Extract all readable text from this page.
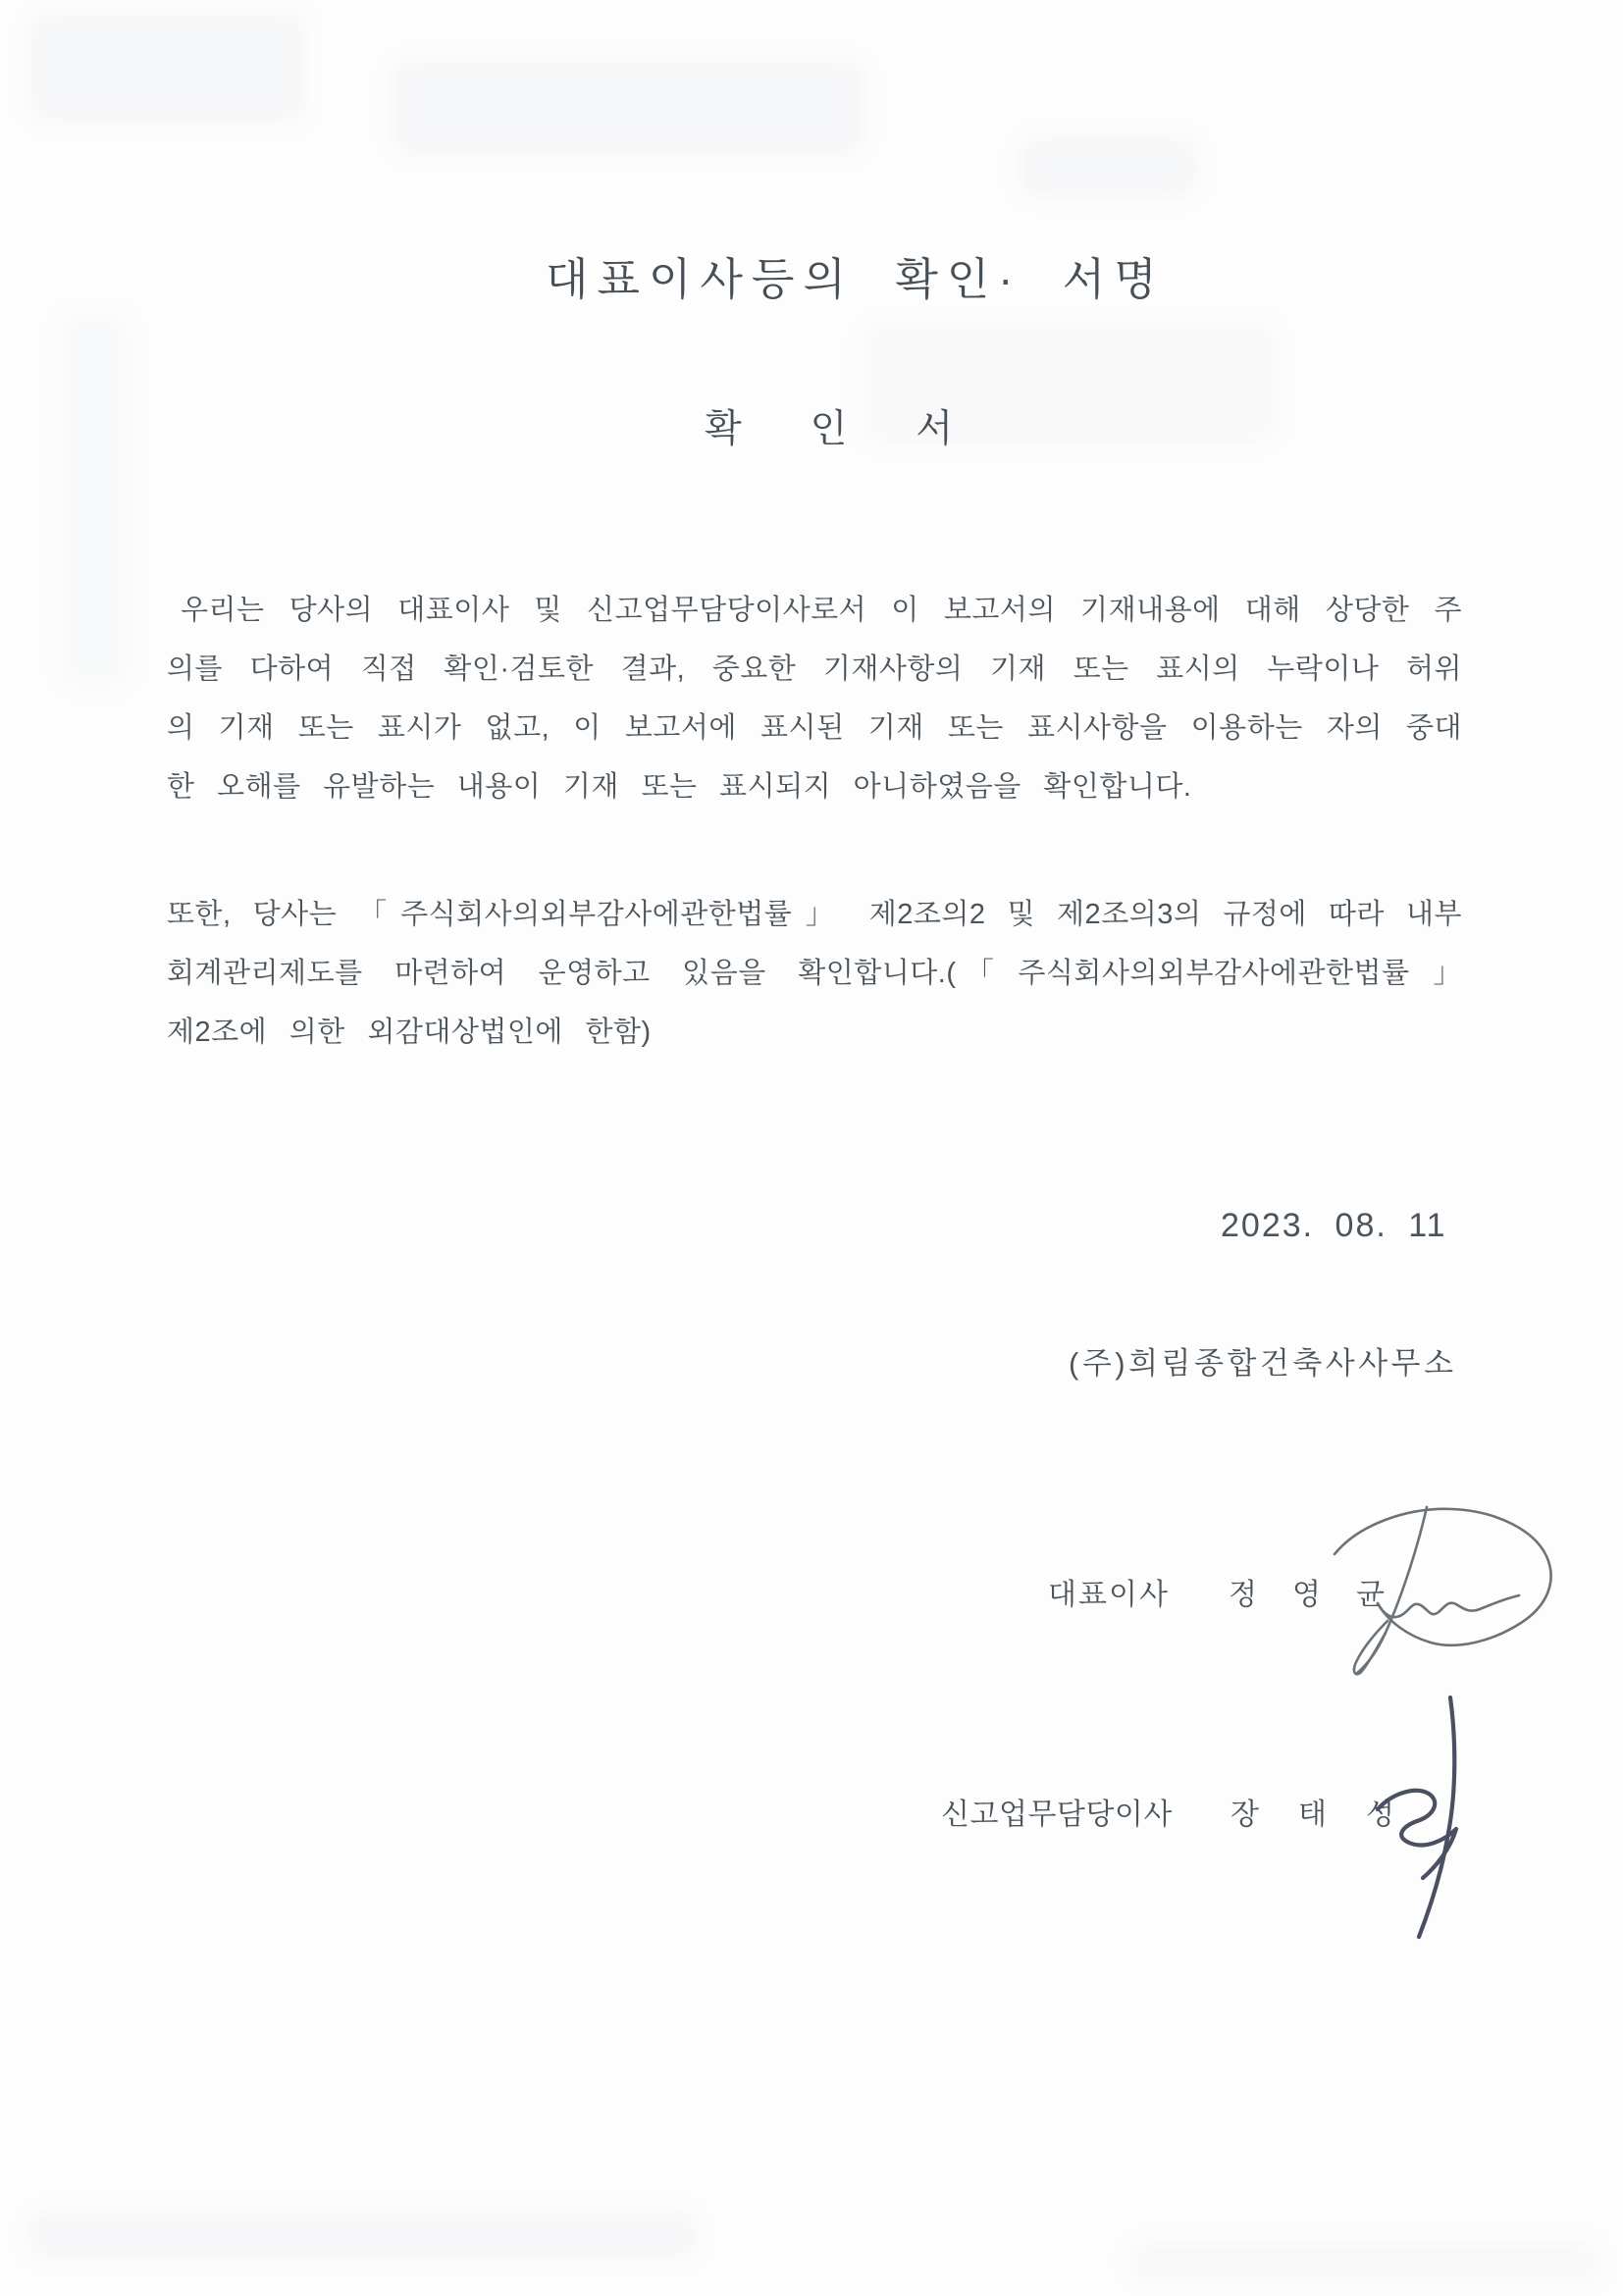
대표이사등의 확인· 서명
확인서
우리는 당사의 대표이사 및 신고업무담당이사로서 이 보고서의 기재내용에 대해 상당한 주
의를 다하여 직접 확인·검토한 결과, 중요한 기재사항의 기재 또는 표시의 누락이나 허위
의 기재 또는 표시가 없고, 이 보고서에 표시된 기재 또는 표시사항을 이용하는 자의 중대
한 오해를 유발하는 내용이 기재 또는 표시되지 아니하였음을 확인합니다.
또한, 당사는 「주식회사의외부감사에관한법률」 제2조의2 및 제2조의3의 규정에 따라 내부
회계관리제도를 마련하여 운영하고 있음을 확인합니다.(「주식회사의외부감사에관한법률」
제2조에 의한 외감대상법인에 한함)
2023. 08. 11
(주)희림종합건축사사무소
대표이사 정영균
신고업무담당이사 장태성
